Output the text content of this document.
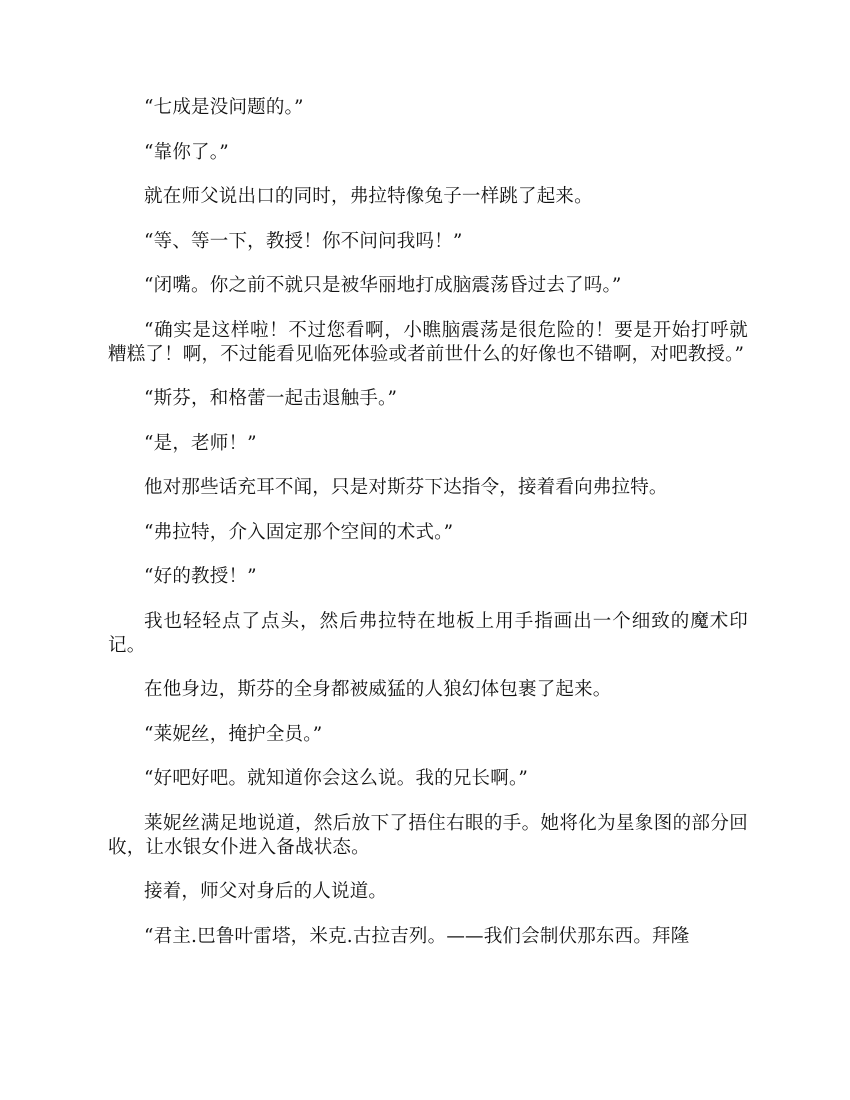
“七成是没问题的。”

“靠你了。”

就在师父说出口的同时，弗拉特像兔子一样跳了起来。

“等、等一下，教授！你不问问我吗！”

“闭嘴。你之前不就只是被华丽地打成脑震荡昏过去了吗。”

“确实是这样啦！不过您看啊，小瞧脑震荡是很危险的！要是开始打呼就糟糕了！啊，不过能看见临死体验或者前世什么的好像也不错啊，对吧教授。”

“斯芬，和格蕾一起击退触手。”

“是，老师！”

他对那些话充耳不闻，只是对斯芬下达指令，接着看向弗拉特。

“弗拉特，介入固定那个空间的术式。”

“好的教授！”

我也轻轻点了点头，然后弗拉特在地板上用手指画出一个细致的魔术印记。

在他身边，斯芬的全身都被威猛的人狼幻体包裹了起来。

“莱妮丝，掩护全员。”

“好吧好吧。就知道你会这么说。我的兄长啊。”

莱妮丝满足地说道，然后放下了捂住右眼的手。她将化为星象图的部分回收，让水银女仆进入备战状态。

接着，师父对身后的人说道。

“君主.巴鲁叶雷塔，米克.古拉吉列。——我们会制伏那东西。拜隆
